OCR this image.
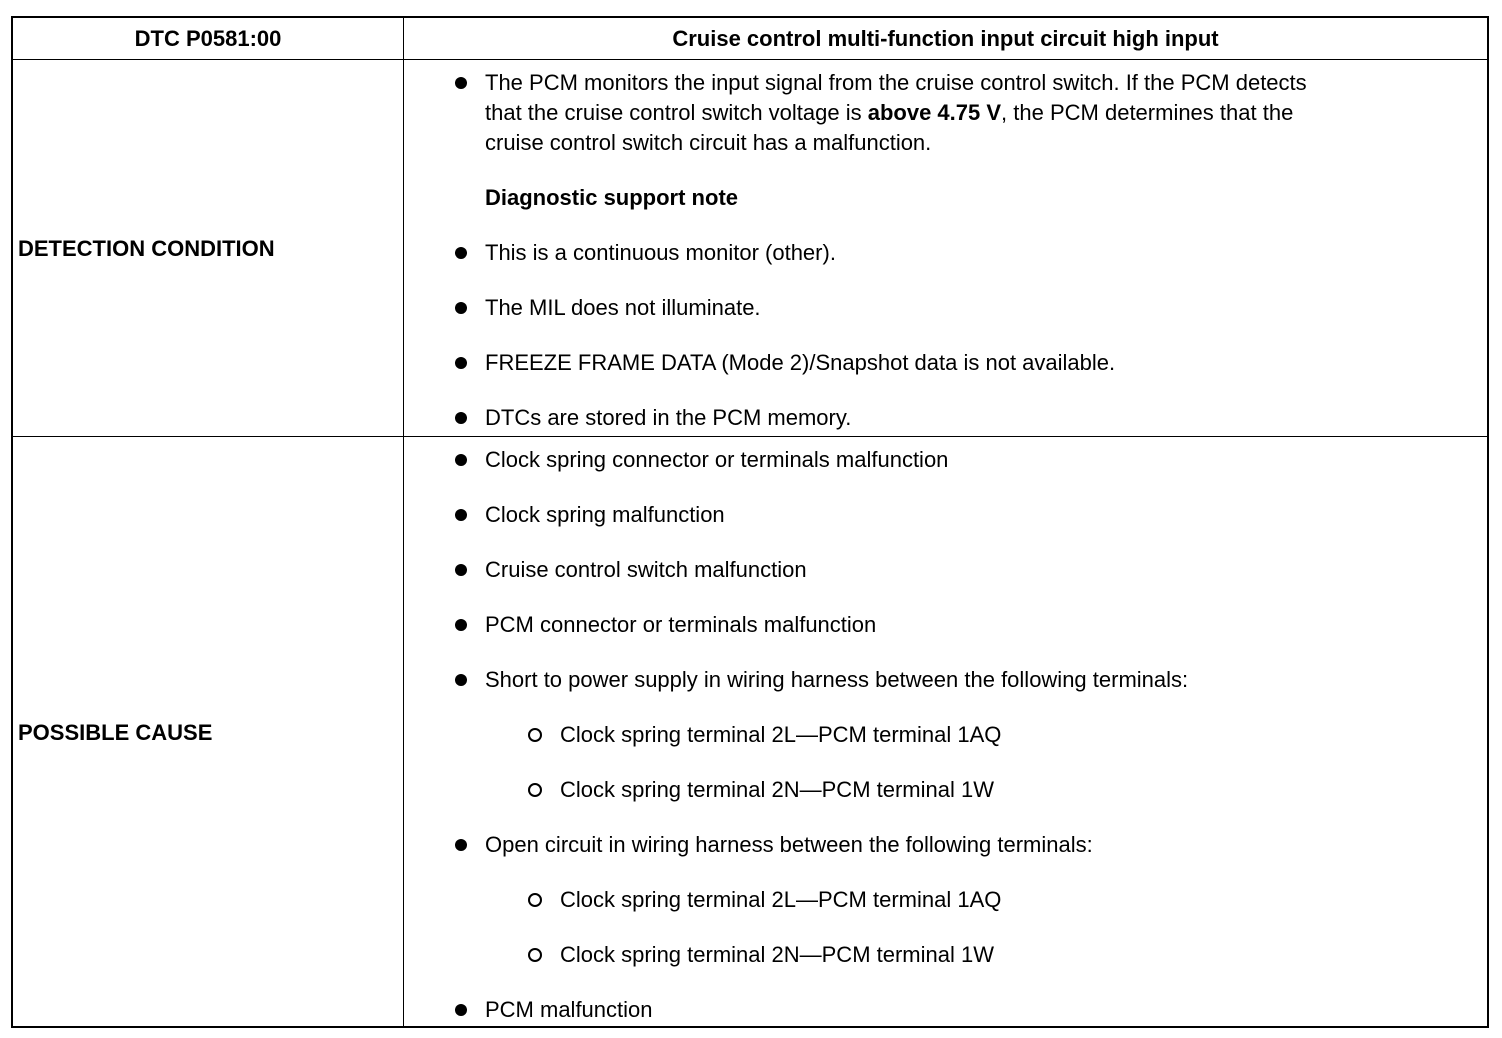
DTC P0581:00	Cruise control multi-function input circuit high input
DETECTION CONDITION
The PCM monitors the input signal from the cruise control switch. If the PCM detects
that the cruise control switch voltage is above 4.75 V, the PCM determines that the
cruise control switch circuit has a malfunction.
Diagnostic support note
This is a continuous monitor (other).
The MIL does not illuminate.
FREEZE FRAME DATA (Mode 2)/Snapshot data is not available.
DTCs are stored in the PCM memory.
POSSIBLE CAUSE
Clock spring connector or terminals malfunction
Clock spring malfunction
Cruise control switch malfunction
PCM connector or terminals malfunction
Short to power supply in wiring harness between the following terminals:
Clock spring terminal 2L—PCM terminal 1AQ
Clock spring terminal 2N—PCM terminal 1W
Open circuit in wiring harness between the following terminals:
Clock spring terminal 2L—PCM terminal 1AQ
Clock spring terminal 2N—PCM terminal 1W
PCM malfunction
